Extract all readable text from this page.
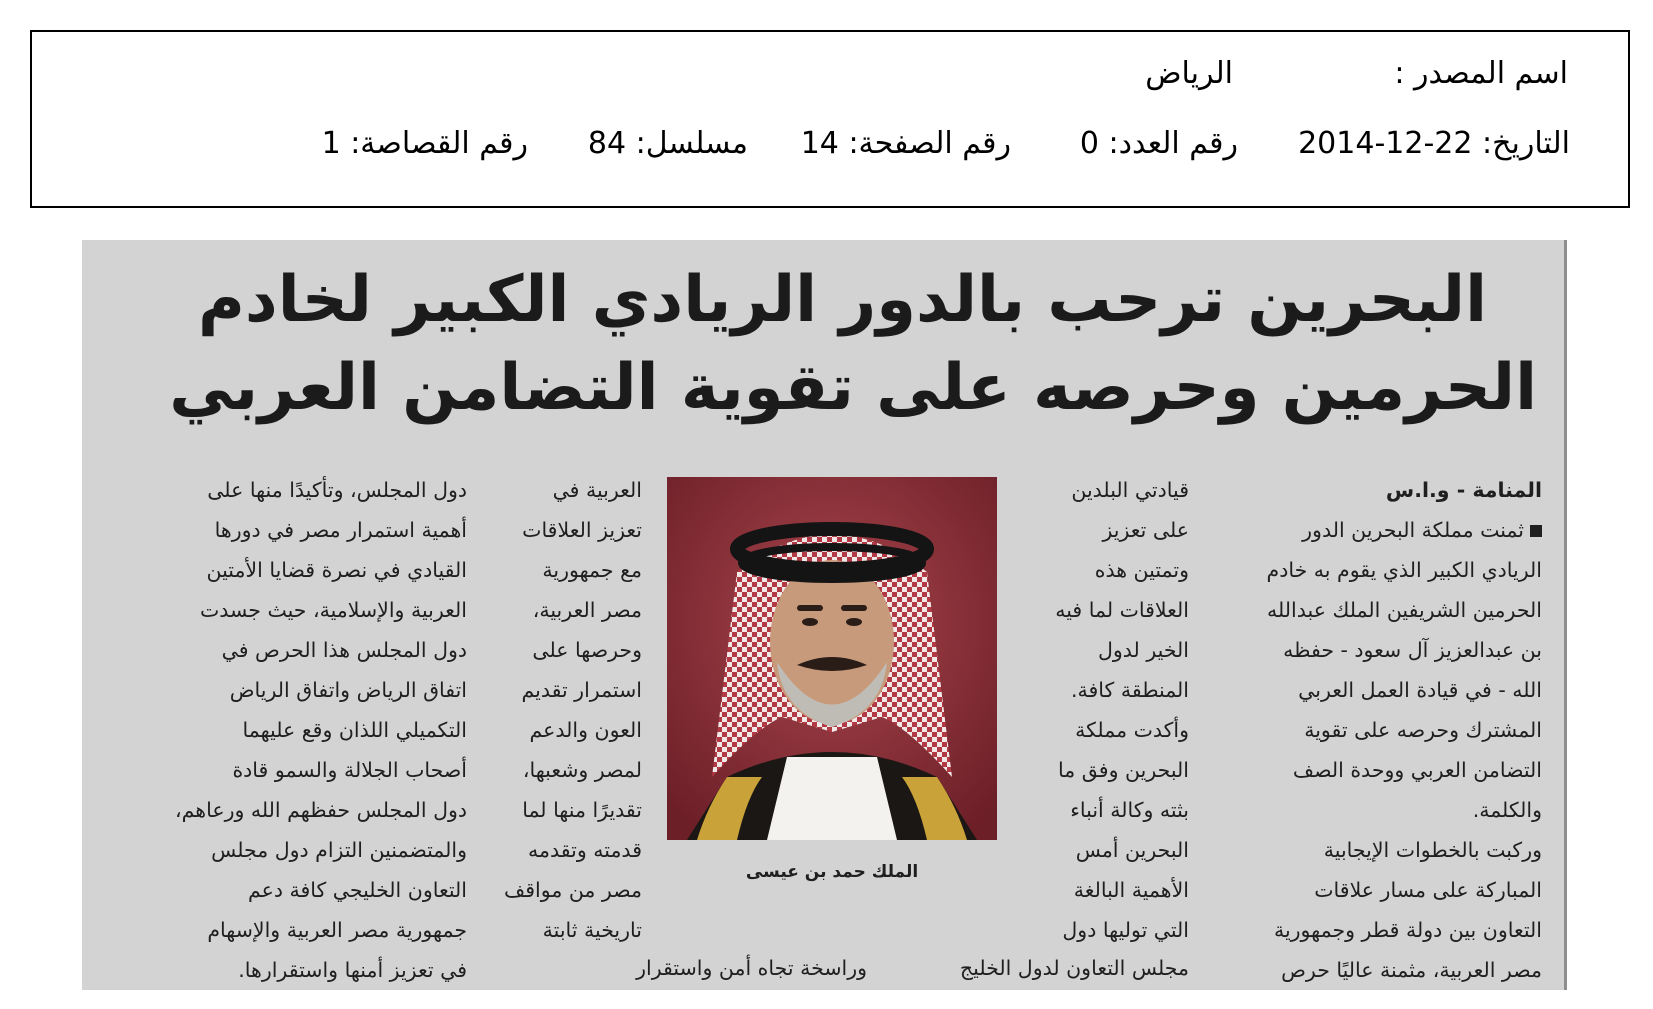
اسم المصدر :
الرياض
التاريخ: 22-12-2014
رقم العدد: 0
رقم الصفحة: 14
مسلسل: 84
رقم القصاصة: 1
البحرين ترحب بالدور الريادي الكبير لخادم
الحرمين وحرصه على تقوية التضامن العربي

المنامة - و.ا.س

ثمنت مملكة البحرين الدور

الريادي الكبير الذي يقوم به خادم

الحرمين الشريفين الملك عبدالله

بن عبدالعزيز آل سعود - حفظه

الله - في قيادة العمل العربي

المشترك وحرصه على تقوية

التضامن العربي ووحدة الصف

والكلمة.

وركبت بالخطوات الإيجابية

المباركة على مسار علاقات

التعاون بين دولة قطر وجمهورية

مصر العربية، مثمنة عاليًا حرص

قيادتي البلدين

على تعزيز

وتمتين هذه

العلاقات لما فيه

الخير لدول

المنطقة كافة.

وأكدت مملكة

البحرين وفق ما

بثته وكالة أنباء

البحرين أمس

الأهمية البالغة

التي توليها دول

الملك حمد بن عيسى

العربية في

تعزيز العلاقات

مع جمهورية

مصر العربية،

وحرصها على

استمرار تقديم

العون والدعم

لمصر وشعبها،

تقديرًا منها لما

قدمته وتقدمه

مصر من مواقف

تاريخية ثابتة

دول المجلس، وتأكيدًا منها على

أهمية استمرار مصر في دورها

القيادي في نصرة قضايا الأمتين

العربية والإسلامية، حيث جسدت

دول المجلس هذا الحرص في

اتفاق الرياض واتفاق الرياض

التكميلي اللذان وقع عليهما

أصحاب الجلالة والسمو قادة

دول المجلس حفظهم الله ورعاهم،

والمتضمنين التزام دول مجلس

التعاون الخليجي كافة دعم

جمهورية مصر العربية والإسهام

في تعزيز أمنها واستقرارها.	مجلس التعاون لدول الخليج
وراسخة تجاه أمن واستقرار
